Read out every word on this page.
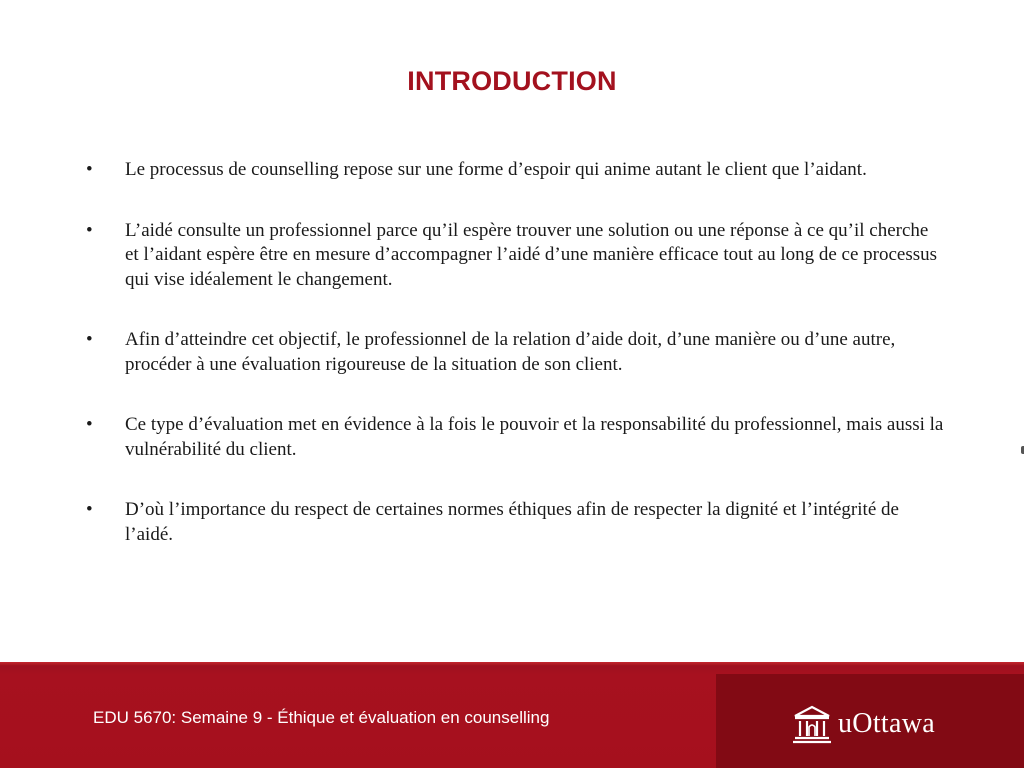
INTRODUCTION
•	Le processus de counselling repose sur une forme d’espoir qui anime autant le client que l’aidant.
•	L’aidé consulte un professionnel parce qu’il espère trouver une solution ou une réponse à ce qu’il cherche et l’aidant espère être en mesure d’accompagner l’aidé d’une manière efficace tout au long de ce processus qui vise idéalement le changement.
•	Afin d’atteindre cet objectif, le professionnel de la relation d’aide doit, d’une manière ou d’une autre, procéder à une évaluation rigoureuse de la situation de son client.
•	Ce type d’évaluation met en évidence à la fois le pouvoir et la responsabilité du professionnel, mais aussi la vulnérabilité du client.
•	D’où l’importance du respect de certaines normes éthiques afin de respecter la dignité et l’intégrité de l’aidé.
EDU 5670: Semaine 9 - Éthique et évaluation en counselling	uOttawa
